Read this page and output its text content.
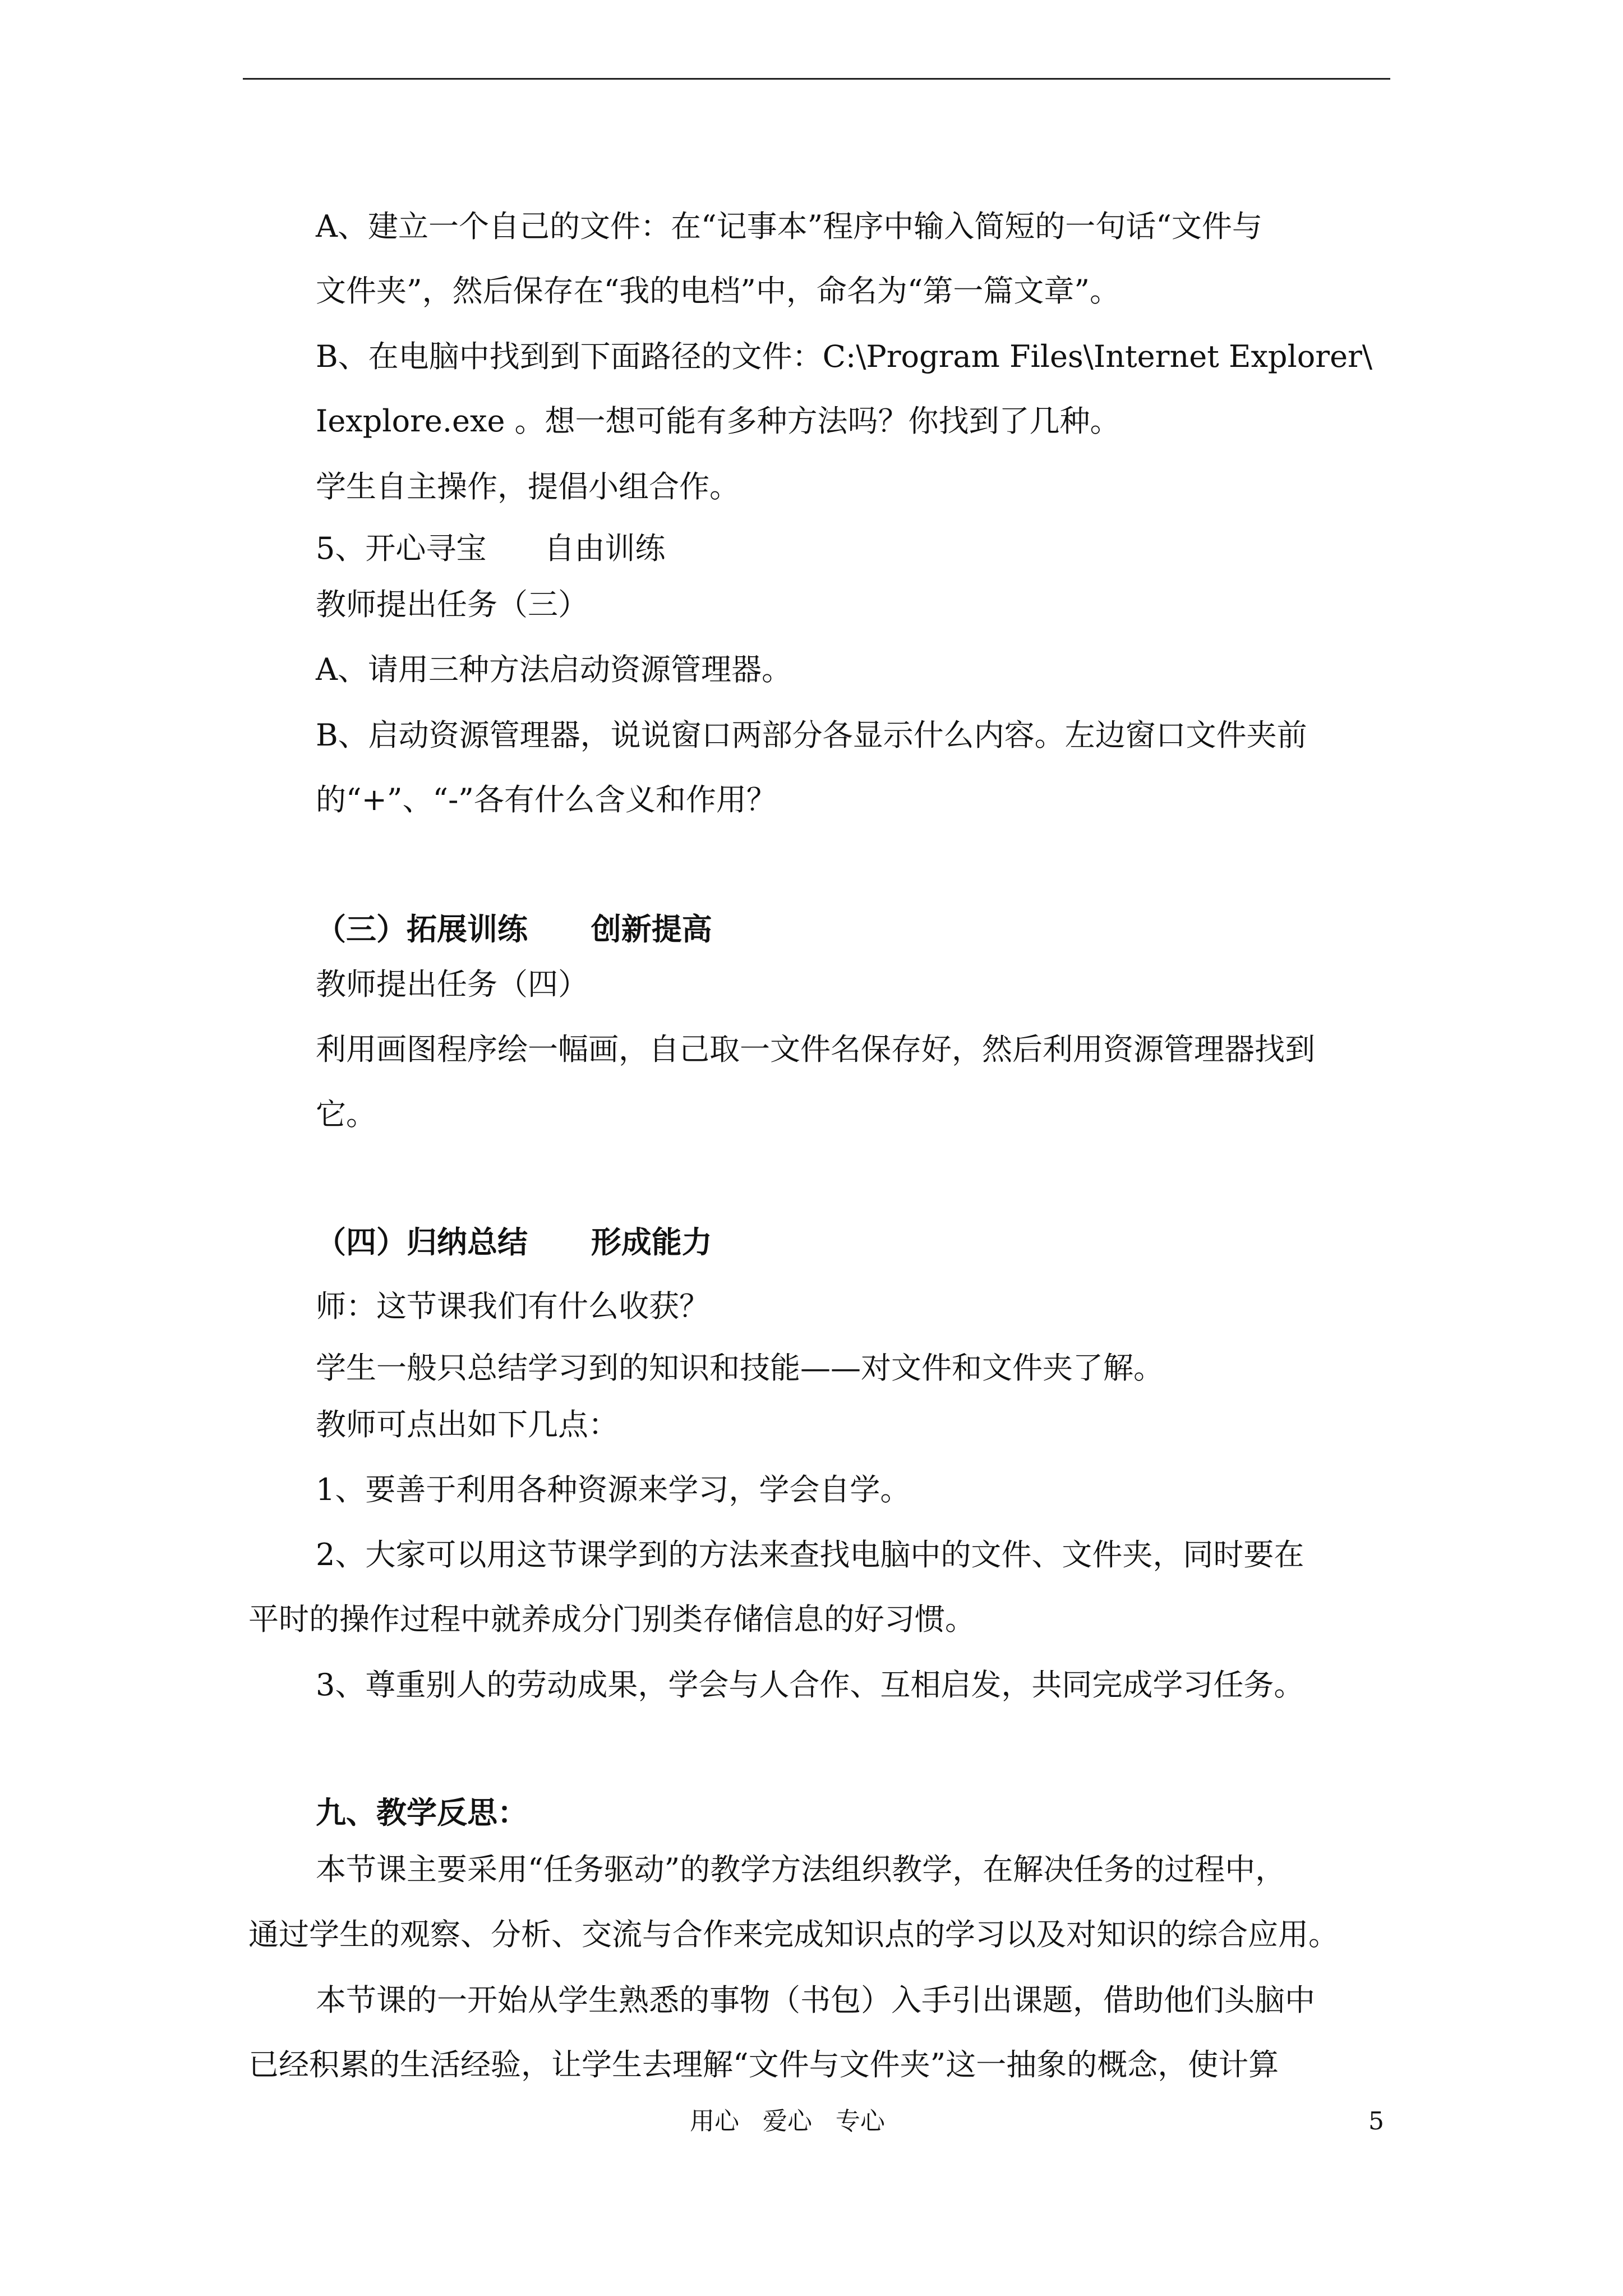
A、建立一个自己的文件：在“记事本”程序中输入简短的一句话“文件与
文件夹”，然后保存在“我的电档”中，命名为“第一篇文章”。
B、在电脑中找到到下面路径的文件：C:\Program Files\Internet Explorer\
Iexplore.exe 。想一想可能有多种方法吗？你找到了几种。
学生自主操作，提倡小组合作。
5、开心寻宝      自由训练
教师提出任务（三）
A、请用三种方法启动资源管理器。
B、启动资源管理器，说说窗口两部分各显示什么内容。左边窗口文件夹前
的“+”、“-”各有什么含义和作用？
（三）拓展训练      创新提高
教师提出任务（四）
利用画图程序绘一幅画，自己取一文件名保存好，然后利用资源管理器找到
它。
（四）归纳总结      形成能力
师：这节课我们有什么收获？
学生一般只总结学习到的知识和技能——对文件和文件夹了解。
教师可点出如下几点：
1、要善于利用各种资源来学习，学会自学。
2、大家可以用这节课学到的方法来查找电脑中的文件、文件夹，同时要在
平时的操作过程中就养成分门别类存储信息的好习惯。
3、尊重别人的劳动成果，学会与人合作、互相启发，共同完成学习任务。
九、教学反思：
本节课主要采用“任务驱动”的教学方法组织教学，在解决任务的过程中，
通过学生的观察、分析、交流与合作来完成知识点的学习以及对知识的综合应用。
本节课的一开始从学生熟悉的事物（书包）入手引出课题，借助他们头脑中
已经积累的生活经验，让学生去理解“文件与文件夹”这一抽象的概念，使计算
用心   爱心   专心	5
